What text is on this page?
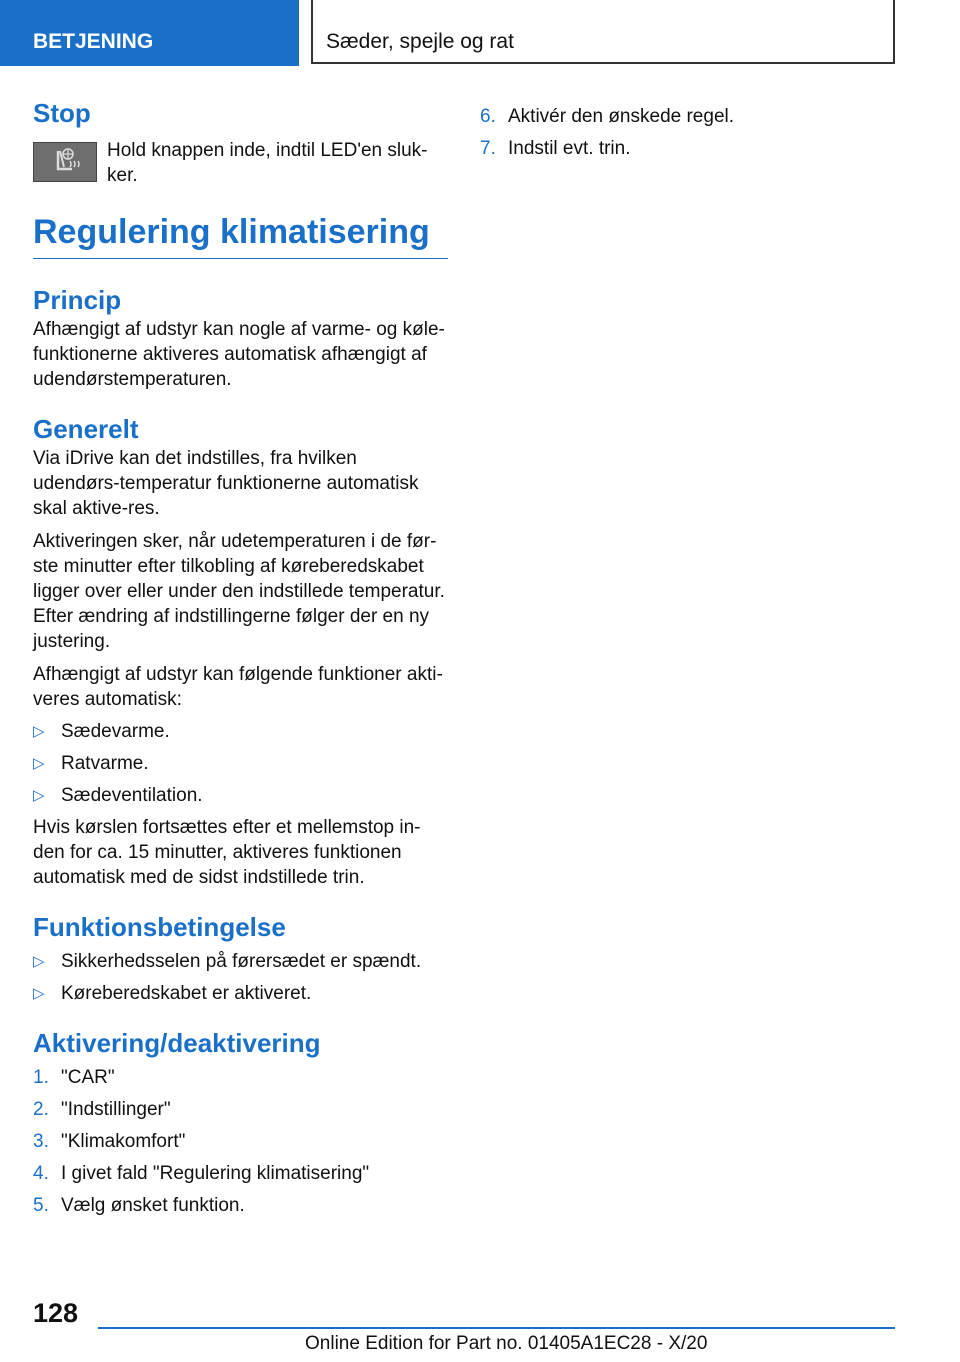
BETJENING	Sæder, spejle og rat
Stop

Hold knappen inde, indtil LED'en sluk-ker.

Regulering klimatisering
Princip

Afhængigt af udstyr kan nogle af varme- og køle-funktionerne aktiveres automatisk afhængigt af udendørstemperaturen.

Generelt

Via iDrive kan det indstilles, fra hvilken udendørs-temperatur funktionerne automatisk skal aktive-res.

Aktiveringen sker, når udetemperaturen i de før-ste minutter efter tilkobling af køreberedskabet ligger over eller under den indstillede temperatur. Efter ændring af indstillingerne følger der en ny justering.

Afhængigt af udstyr kan følgende funktioner akti-veres automatisk:

▷ Sædevarme.
▷ Ratvarme.
▷ Sædeventilation.

Hvis kørslen fortsættes efter et mellemstop in-den for ca. 15 minutter, aktiveres funktionen automatisk med de sidst indstillede trin.

Funktionsbetingelse
▷ Sikkerhedsselen på førersædet er spændt.
▷ Køreberedskabet er aktiveret.
Aktivering/deaktivering
1. "CAR"
2. "Indstillinger"
3. "Klimakomfort"
4. I givet fald "Regulering klimatisering"
5. Vælg ønsket funktion.
6. Aktivér den ønskede regel.
7. Indstil evt. trin.
128
Online Edition for Part no. 01405A1EC28 - X/20
